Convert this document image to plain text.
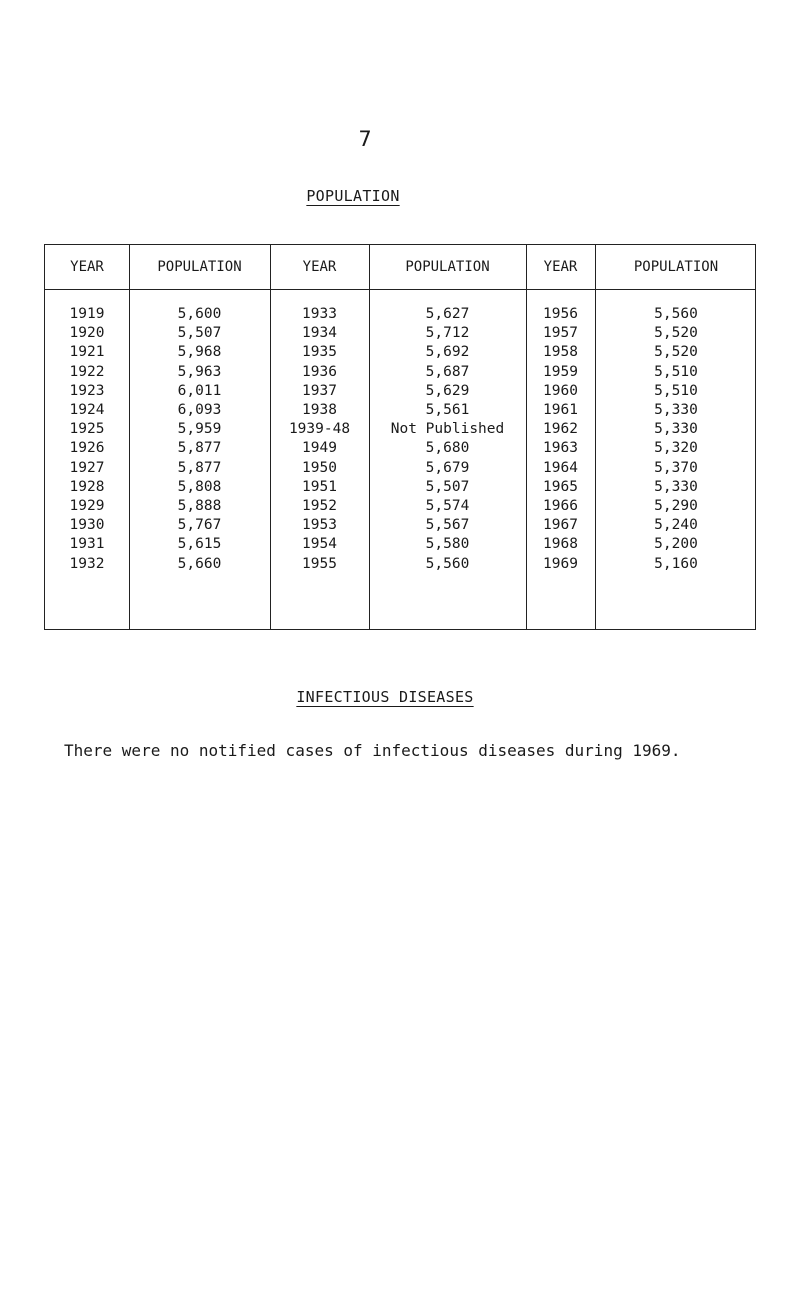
7
POPULATION
YEAR	POPULATION	YEAR	POPULATION	YEAR	POPULATION
1919	5,600	1933	5,627	1956	5,560
1920	5,507	1934	5,712	1957	5,520
1921	5,968	1935	5,692	1958	5,520
1922	5,963	1936	5,687	1959	5,510
1923	6,011	1937	5,629	1960	5,510
1924	6,093	1938	5,561	1961	5,330
1925	5,959	1939-48	Not Published	1962	5,330
1926	5,877	1949	5,680	1963	5,320
1927	5,877	1950	5,679	1964	5,370
1928	5,808	1951	5,507	1965	5,330
1929	5,888	1952	5,574	1966	5,290
1930	5,767	1953	5,567	1967	5,240
1931	5,615	1954	5,580	1968	5,200
1932	5,660	1955	5,560	1969	5,160
INFECTIOUS DISEASES
There were no notified cases of infectious diseases during 1969.
